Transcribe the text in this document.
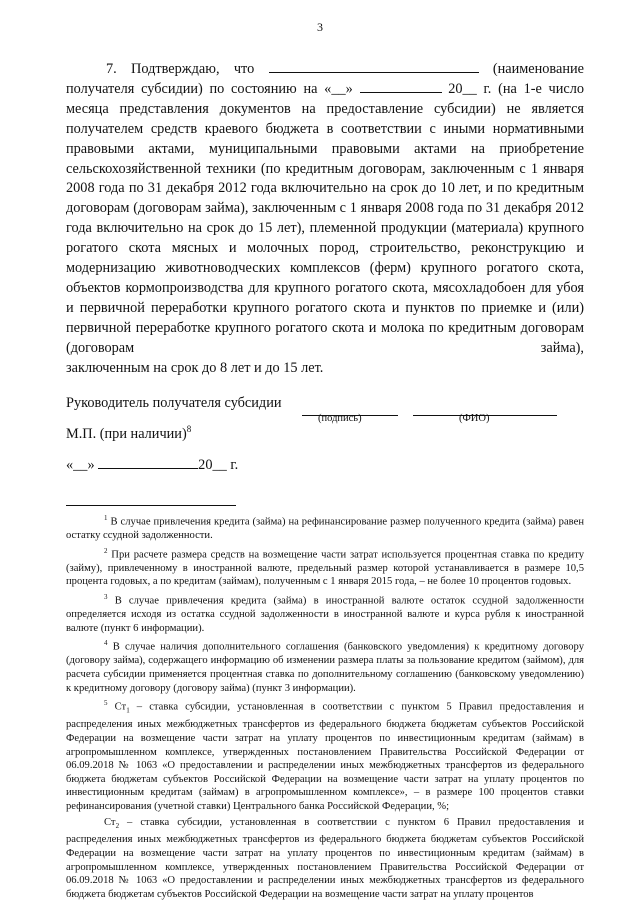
3
7. Подтверждаю, что	(наименование
получателя субсидии) по состоянию на «__»	20__ г. (на 1-е число месяца представления документов на предоставление субсидии) не является получателем средств краевого бюджета в соответствии с иными нормативными правовыми актами, муниципальными правовыми актами на приобретение сельскохозяйственной техники (по кредитным договорам, заключенным с 1 января 2008 года по 31 декабря 2012 года включительно на срок до 10 лет, и по кредитным договорам (договорам займа), заключенным с 1 января 2008 года по 31 декабря 2012 года включительно на срок до 15 лет), племенной продукции (материала) крупного рогатого скота мясных и молочных пород, строительство, реконструкцию и модернизацию животноводческих комплексов (ферм) крупного рогатого скота, объектов кормопроизводства для крупного рогатого скота, мясохладобоен для убоя и первичной переработки крупного рогатого скота и пунктов по приемке и (или) первичной переработке крупного рогатого скота и молока по кредитным договорам (договорам займа),
заключенным на срок до 8 лет и до 15 лет.
Руководитель получателя субсидии
(подпись)	(ФИО)
М.П. (при наличии)$^8$
«__»	20__ г.

$^1$ В случае привлечения кредита (займа) на рефинансирование размер полученного кредита (займа) равен остатку ссудной задолженности.

$^2$ При расчете размера средств на возмещение части затрат используется процентная ставка по кредиту (займу), привлеченному в иностранной валюте, предельный размер которой устанавливается в размере 10,5 процента годовых, а по кредитам (займам), полученным с 1 января 2015 года, – не более 10 процентов годовых.

$^3$ В случае привлечения кредита (займа) в иностранной валюте остаток ссудной задолженности определяется исходя из остатка ссудной задолженности в иностранной валюте и курса рубля к иностранной валюте (пункт 6 информации).

$^4$ В случае наличия дополнительного соглашения (банковского уведомления) к кредитному договору (договору займа), содержащего информацию об изменении размера платы за пользование кредитом (займом), для расчета субсидии применяется процентная ставка по дополнительному соглашению (банковскому уведомлению) к кредитному договору (договору займа) (пункт 3 информации).

$^5$ $Ст_1$ – ставка субсидии, установленная в соответствии с пунктом 5 Правил предоставления и распределения иных межбюджетных трансфертов из федерального бюджета бюджетам субъектов Российской Федерации на возмещение части затрат на уплату процентов по инвестиционным кредитам (займам) в агропромышленном комплексе, утвержденных постановлением Правительства Российской Федерации от 06.09.2018 № 1063 «О предоставлении и распределении иных межбюджетных трансфертов из федерального бюджета бюджетам субъектов Российской Федерации на возмещение части затрат на уплату процентов по инвестиционным кредитам (займам) в агропромышленном комплексе», – в размере 100 процентов ставки рефинансирования (учетной ставки) Центрального банка Российской Федерации, %;

$Ст_2$ – ставка субсидии, установленная в соответствии с пунктом 6 Правил предоставления и распределения иных межбюджетных трансфертов из федерального бюджета бюджетам субъектов Российской Федерации на возмещение части затрат на уплату процентов по инвестиционным кредитам (займам) в агропромышленном комплексе, утвержденных постановлением Правительства Российской Федерации от 06.09.2018 № 1063 «О предоставлении и распределении иных межбюджетных трансфертов из федерального бюджета бюджетам субъектов Российской Федерации на возмещение части затрат на уплату процентов
